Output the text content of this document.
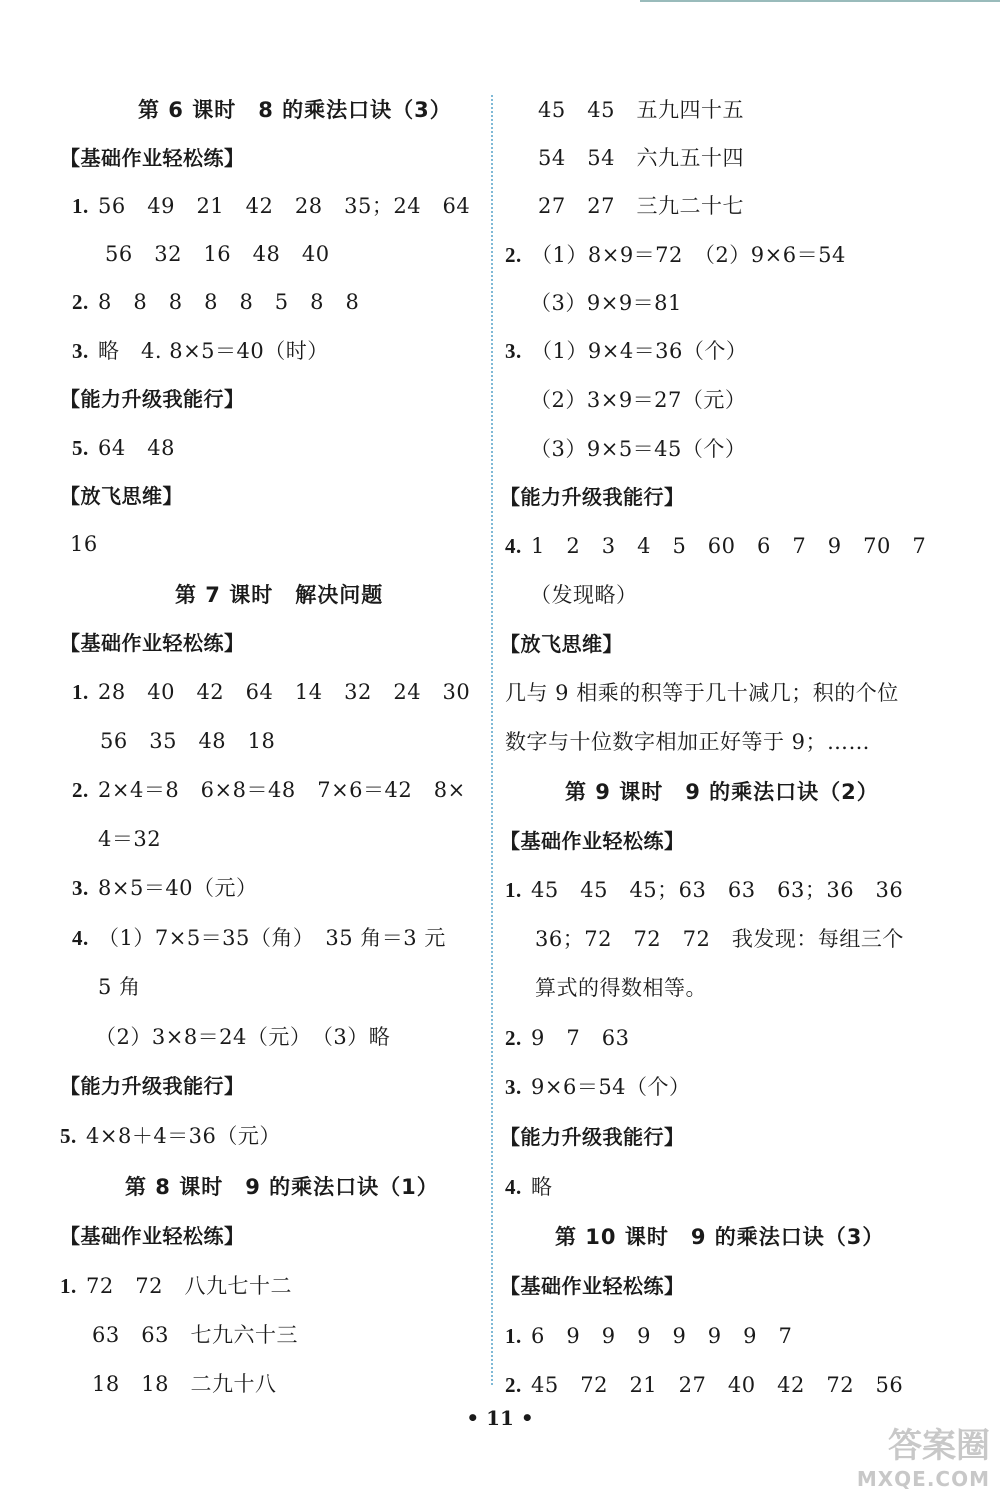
第 6 课时　8 的乘法口诀（3）
【基础作业轻松练】
1. 56　49　21　42　28　35；24　64
56　32　16　48　40
2. 8　8　8　8　8　5　8　8
3. 略　4. 8×5＝40（时）
【能力升级我能行】
5. 64　48
【放飞思维】
16
第 7 课时　解决问题
【基础作业轻松练】
1. 28　40　42　64　14　32　24　30
56　35　48　18
2. 2×4＝8　6×8＝48　7×6＝42　8×
4＝32
3. 8×5＝40（元）
4. （1）7×5＝35（角）　35 角＝3 元
5 角
（2）3×8＝24（元）　（3）略
【能力升级我能行】
5. 4×8＋4＝36（元）
第 8 课时　9 的乘法口诀（1）
【基础作业轻松练】
1. 72　72　八九七十二
63　63　七九六十三
18　18　二九十八
45　45　五九四十五
54　54　六九五十四
27　27　三九二十七
2. （1）8×9＝72　（2）9×6＝54
（3）9×9＝81
3. （1）9×4＝36（个）
（2）3×9＝27（元）
（3）9×5＝45（个）
【能力升级我能行】
4. 1　2　3　4　5　60　6　7　9　70　7
（发现略）
【放飞思维】
几与 9 相乘的积等于几十减几；积的个位
数字与十位数字相加正好等于 9；……
第 9 课时　9 的乘法口诀（2）
【基础作业轻松练】
1. 45　45　45；63　63　63；36　36
36；72　72　72　我发现：每组三个
算式的得数相等。
2. 9　7　63
3. 9×6＝54（个）
【能力升级我能行】
4. 略
第 10 课时　9 的乘法口诀（3）
【基础作业轻松练】
1. 6　9　9　9　9　9　9　7
2. 45　72　21　27　40　42　72　56
• 11 •
答案圈
MXQE.COM
